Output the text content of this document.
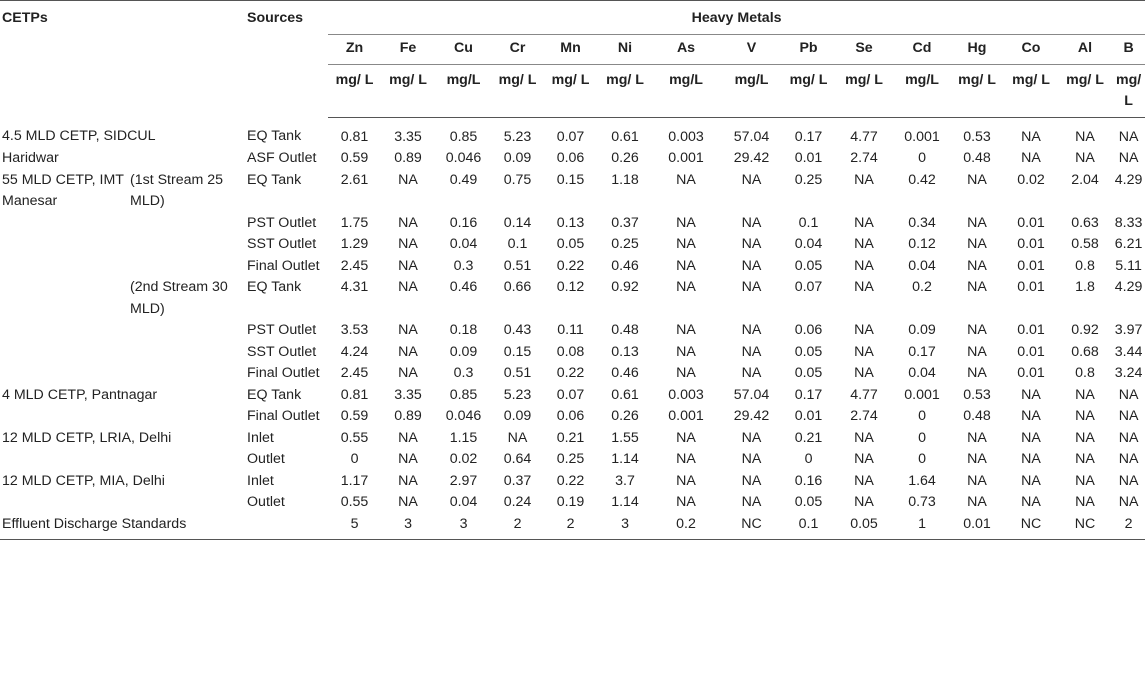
CETPs		Sources	Heavy Metals														
			Zn	Fe	Cu	Cr	Mn	Ni	As	V	Pb	Se	Cd	Hg	Co	Al	B
			mg/ L	mg/ L	mg/L	mg/ L	mg/ L	mg/ L	mg/L	mg/L	mg/ L	mg/ L	mg/L	mg/ L	mg/ L	mg/ L	mg/ L
4.5 MLD CETP, SIDCUL		EQ Tank	0.81	3.35	0.85	5.23	0.07	0.61	0.003	57.04	0.17	4.77	0.001	0.53	NA	NA	NA
Haridwar		ASF Outlet	0.59	0.89	0.046	0.09	0.06	0.26	0.001	29.42	0.01	2.74	0	0.48	NA	NA	NA
55 MLD CETP, IMT Manesar	(1st Stream 25 MLD)	EQ Tank	2.61	NA	0.49	0.75	0.15	1.18	NA	NA	0.25	NA	0.42	NA	0.02	2.04	4.29
		PST Outlet	1.75	NA	0.16	0.14	0.13	0.37	NA	NA	0.1	NA	0.34	NA	0.01	0.63	8.33
		SST Outlet	1.29	NA	0.04	0.1	0.05	0.25	NA	NA	0.04	NA	0.12	NA	0.01	0.58	6.21
		Final Outlet	2.45	NA	0.3	0.51	0.22	0.46	NA	NA	0.05	NA	0.04	NA	0.01	0.8	5.11
	(2nd Stream 30 MLD)	EQ Tank	4.31	NA	0.46	0.66	0.12	0.92	NA	NA	0.07	NA	0.2	NA	0.01	1.8	4.29
		PST Outlet	3.53	NA	0.18	0.43	0.11	0.48	NA	NA	0.06	NA	0.09	NA	0.01	0.92	3.97
		SST Outlet	4.24	NA	0.09	0.15	0.08	0.13	NA	NA	0.05	NA	0.17	NA	0.01	0.68	3.44
		Final Outlet	2.45	NA	0.3	0.51	0.22	0.46	NA	NA	0.05	NA	0.04	NA	0.01	0.8	3.24
4 MLD CETP, Pantnagar		EQ Tank	0.81	3.35	0.85	5.23	0.07	0.61	0.003	57.04	0.17	4.77	0.001	0.53	NA	NA	NA
		Final Outlet	0.59	0.89	0.046	0.09	0.06	0.26	0.001	29.42	0.01	2.74	0	0.48	NA	NA	NA
12 MLD CETP, LRIA, Delhi		Inlet	0.55	NA	1.15	NA	0.21	1.55	NA	NA	0.21	NA	0	NA	NA	NA	NA
		Outlet	0	NA	0.02	0.64	0.25	1.14	NA	NA	0	NA	0	NA	NA	NA	NA
12 MLD CETP, MIA, Delhi		Inlet	1.17	NA	2.97	0.37	0.22	3.7	NA	NA	0.16	NA	1.64	NA	NA	NA	NA
		Outlet	0.55	NA	0.04	0.24	0.19	1.14	NA	NA	0.05	NA	0.73	NA	NA	NA	NA
Effluent Discharge Standards			5	3	3	2	2	3	0.2	NC	0.1	0.05	1	0.01	NC	NC	2
